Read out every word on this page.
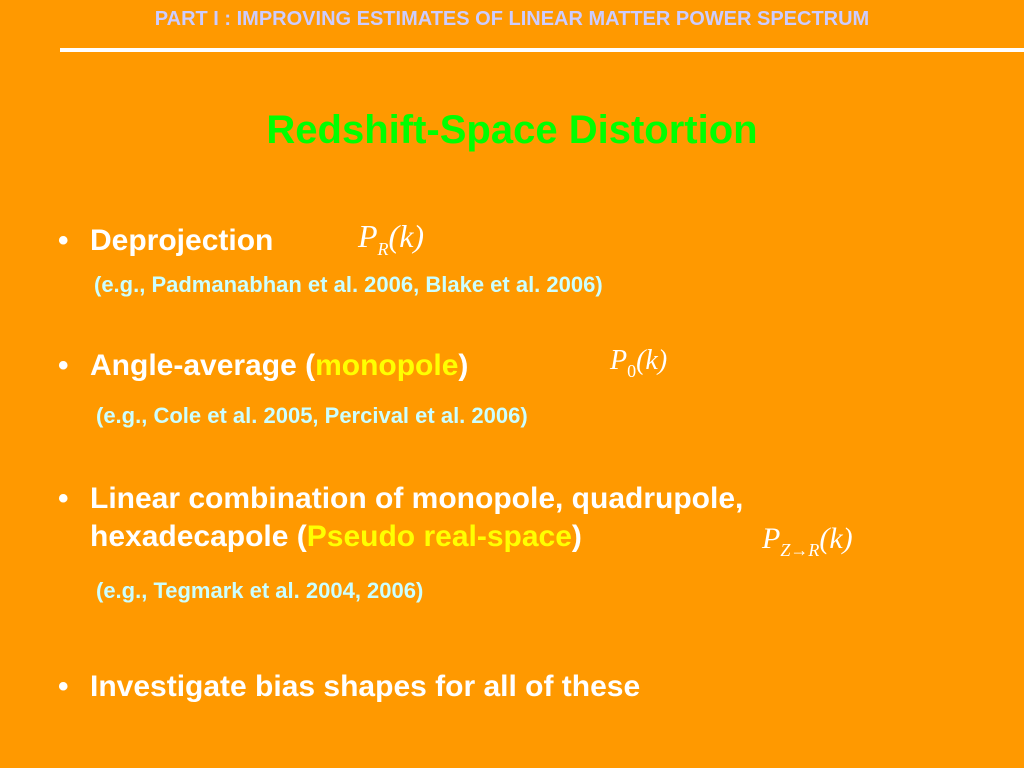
PART I : IMPROVING ESTIMATES OF LINEAR MATTER POWER SPECTRUM
Redshift-Space Distortion
• Deprojection	$P_R(k)$
(e.g., Padmanabhan et al. 2006, Blake et al. 2006)
• Angle-average (monopole)	$P_0(k)$
(e.g., Cole et al. 2005, Percival et al. 2006)
• Linear combination of monopole, quadrupole,
hexadecapole (Pseudo real-space)	$P_{Z\to R}(k)$
(e.g., Tegmark et al. 2004, 2006)
• Investigate bias shapes for all of these
